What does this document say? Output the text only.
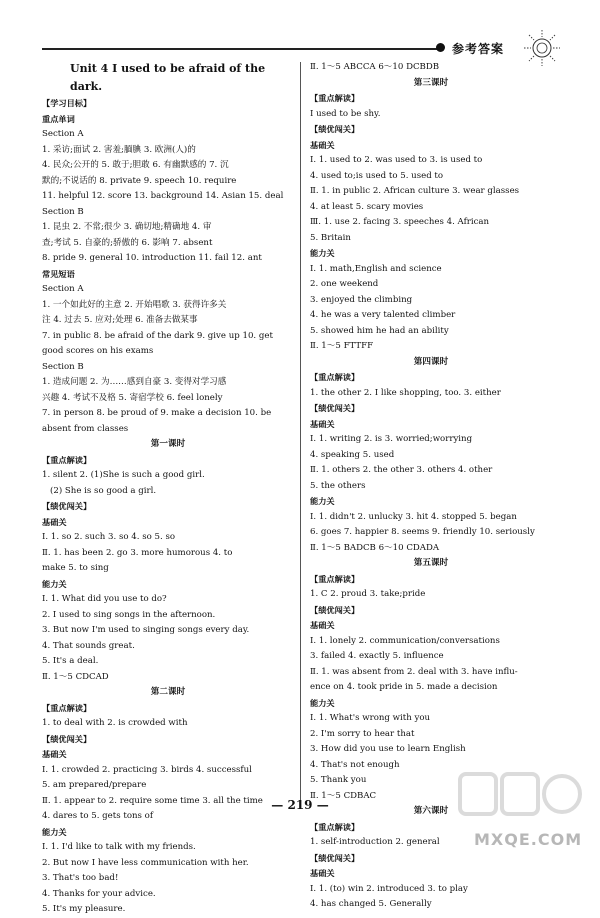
参考答案
Unit 4 I used to be afraid of the dark.

【学习目标】

重点单词

Section A

1. 采访;面试 2. 害羞;腼腆 3. 欧洲(人)的

4. 民众;公开的 5. 敢于;胆敢 6. 有幽默感的 7. 沉

默的;不说话的 8. private 9. speech 10. require

11. helpful 12. score 13. background 14. Asian 15. deal

Section B

1. 昆虫 2. 不常;很少 3. 确切地;精确地 4. 审

查;考试 5. 自豪的;骄傲的 6. 影响 7. absent

8. pride 9. general 10. introduction 11. fail 12. ant

常见短语

Section A

1. 一个如此好的主意 2. 开始唱歌 3. 获得许多关

注 4. 过去 5. 应对;处理 6. 准备去做某事

7. in public 8. be afraid of the dark 9. give up 10. get

good scores on his exams

Section B

1. 造成问题 2. 为……感到自豪 3. 变得对学习感

兴趣 4. 考试不及格 5. 寄宿学校 6. feel lonely

7. in person 8. be proud of 9. make a decision 10. be

absent from classes

第一课时

【重点解读】

1. silent 2. (1)She is such a good girl.

(2) She is so good a girl.

【绩优闯关】

基础关

Ⅰ. 1. so 2. such 3. so 4. so 5. so

Ⅱ. 1. has been 2. go 3. more humorous 4. to

make 5. to sing

能力关

Ⅰ. 1. What did you use to do?

2. I used to sing songs in the afternoon.

3. But now I'm used to singing songs every day.

4. That sounds great.

5. It's a deal.

Ⅱ. 1～5 CDCAD

第二课时

【重点解读】

1. to deal with 2. is crowded with

【绩优闯关】

基础关

Ⅰ. 1. crowded 2. practicing 3. birds 4. successful

5. am prepared/prepare

Ⅱ. 1. appear to 2. require some time 3. all the time

4. dares to 5. gets tons of

能力关

Ⅰ. 1. I'd like to talk with my friends.

2. But now I have less communication with her.

3. That's too bad!

4. Thanks for your advice.

5. It's my pleasure.

Ⅱ. 1～5 ABCCA 6～10 DCBDB

第三课时

【重点解读】

I used to be shy.

【绩优闯关】

基础关

Ⅰ. 1. used to 2. was used to 3. is used to

4. used to;is used to 5. used to

Ⅱ. 1. in public 2. African culture 3. wear glasses

4. at least 5. scary movies

Ⅲ. 1. use 2. facing 3. speeches 4. African

5. Britain

能力关

Ⅰ. 1. math,English and science

2. one weekend

3. enjoyed the climbing

4. he was a very talented climber

5. showed him he had an ability

Ⅱ. 1～5 FTTFF

第四课时

【重点解读】

1. the other 2. I like shopping, too. 3. either

【绩优闯关】

基础关

Ⅰ. 1. writing 2. is 3. worried;worrying

4. speaking 5. used

Ⅱ. 1. others 2. the other 3. others 4. other

5. the others

能力关

Ⅰ. 1. didn't 2. unlucky 3. hit 4. stopped 5. began

6. goes 7. happier 8. seems 9. friendly 10. seriously

Ⅱ. 1～5 BADCB 6～10 CDADA

第五课时

【重点解读】

1. C 2. proud 3. take;pride

【绩优闯关】

基础关

Ⅰ. 1. lonely 2. communication/conversations

3. failed 4. exactly 5. influence

Ⅱ. 1. was absent from 2. deal with 3. have influ-

ence on 4. took pride in 5. made a decision

能力关

Ⅰ. 1. What's wrong with you

2. I'm sorry to hear that

3. How did you use to learn English

4. That's not enough

5. Thank you

Ⅱ. 1～5 CDBAC

第六课时

【重点解读】

1. self-introduction 2. general

【绩优闯关】

基础关

Ⅰ. 1. (to) win 2. introduced 3. to play

4. has changed 5. Generally

— 219 —
MXQE.COM
